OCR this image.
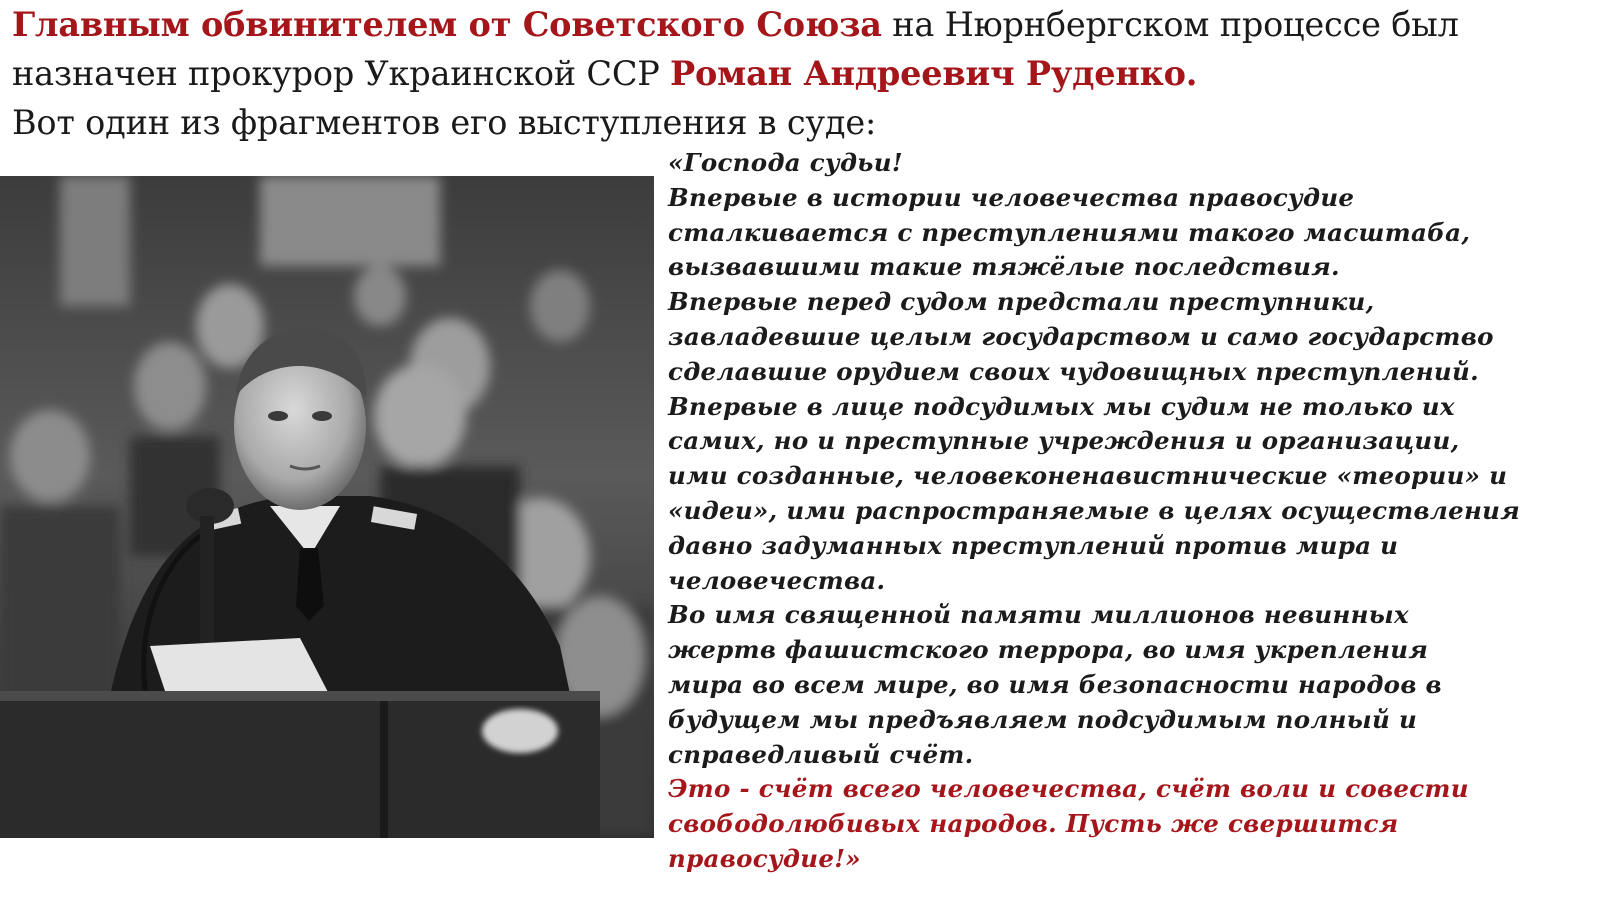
Главным обвинителем от Советского Союза на Нюрнбергском процессе был
назначен прокурор Украинской ССР Роман Андреевич Руденко.
Вот один из фрагментов его выступления в суде:
«Господа судьи!
Впервые в истории человечества правосудие
сталкивается с преступлениями такого масштаба,
вызвавшими такие тяжёлые последствия.
Впервые перед судом предстали преступники,
завладевшие целым государством и само государство
сделавшие орудием своих чудовищных преступлений.
Впервые в лице подсудимых мы судим не только их
самих, но и преступные учреждения и организации,
ими созданные, человеконенавистнические «теории» и
«идеи», ими распространяемые в целях осуществления
давно задуманных преступлений против мира и
человечества.
Во имя священной памяти миллионов невинных
жертв фашистского террора, во имя укрепления
мира во всем мире, во имя безопасности народов в
будущем мы предъявляем подсудимым полный и
справедливый счёт.
Это - счёт всего человечества, счёт воли и совести
свободолюбивых народов. Пусть же свершится
правосудие!»
